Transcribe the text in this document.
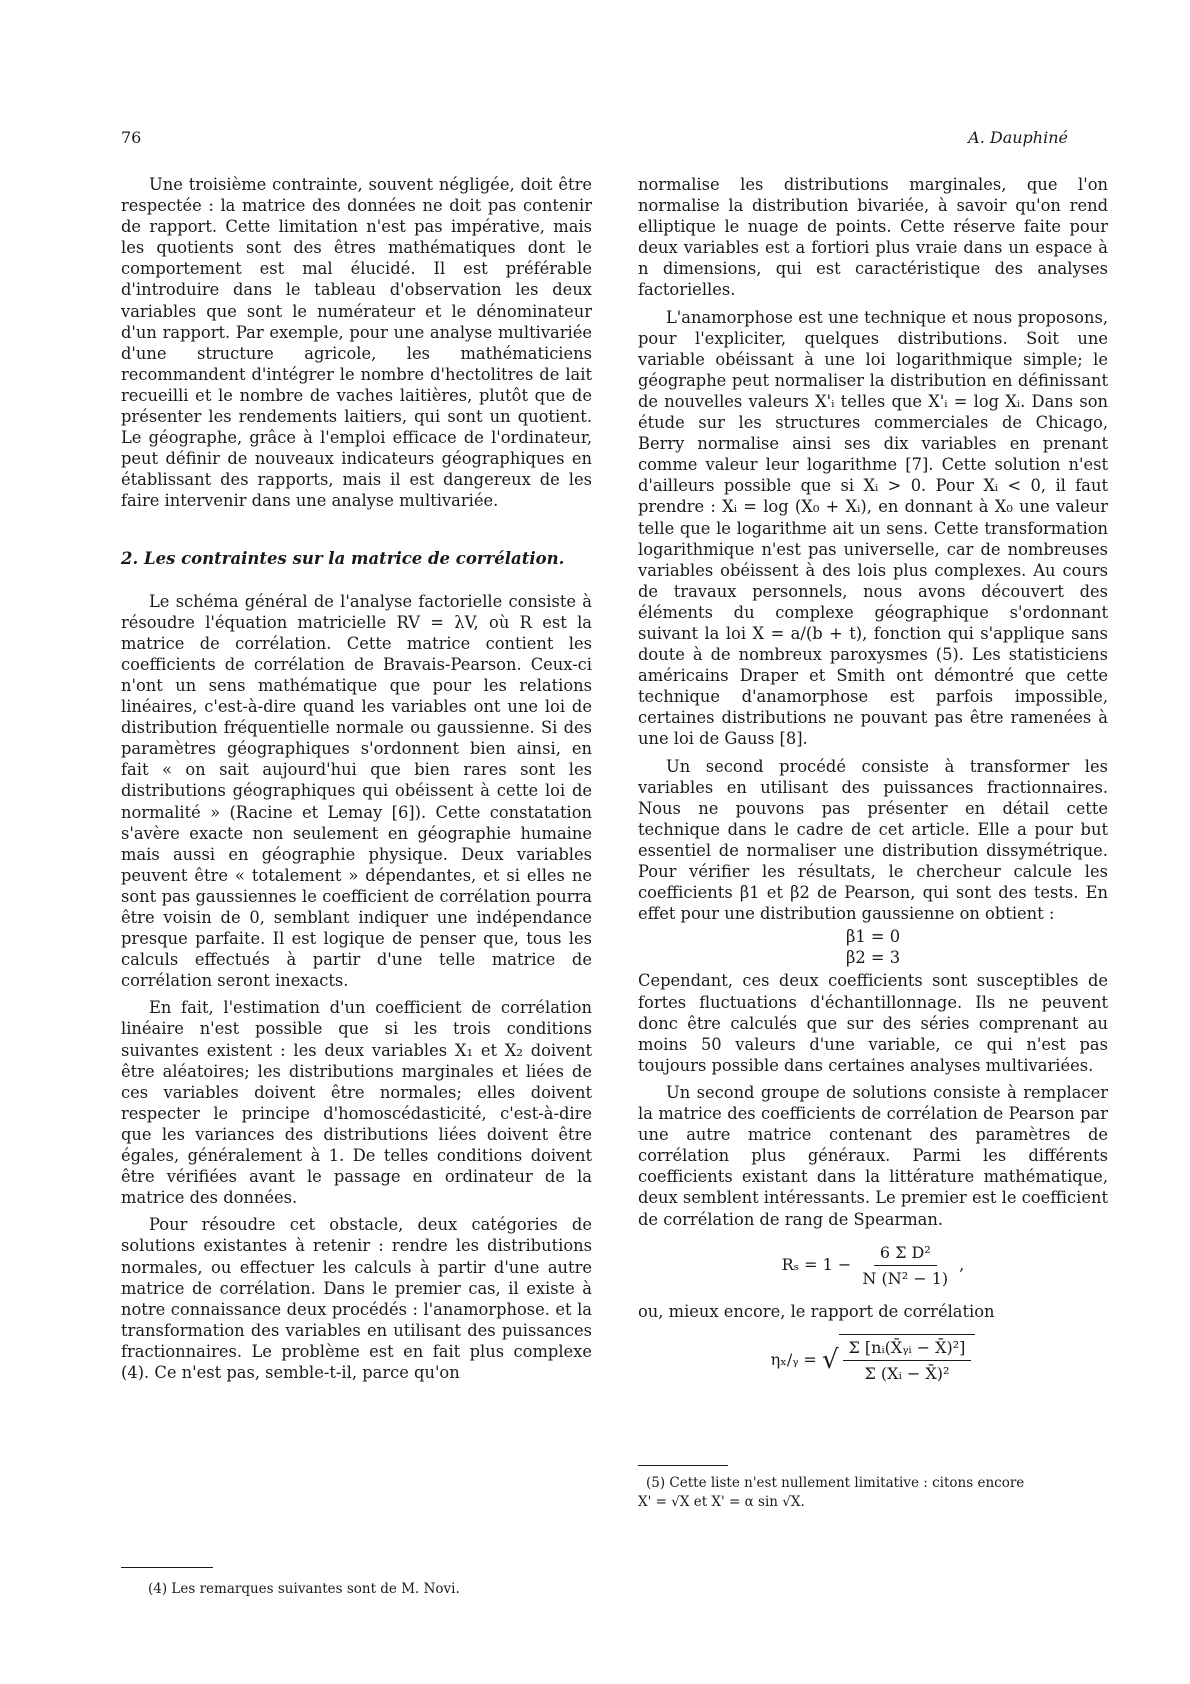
76	A. Dauphiné

Une troisième contrainte, souvent négligée, doit être respectée : la matrice des données ne doit pas contenir de rapport. Cette limitation n'est pas impérative, mais les quotients sont des êtres mathématiques dont le comportement est mal élucidé. Il est préférable d'introduire dans le tableau d'observation les deux variables que sont le numérateur et le dénominateur d'un rapport. Par exemple, pour une analyse multivariée d'une structure agricole, les mathématiciens recommandent d'intégrer le nombre d'hectolitres de lait recueilli et le nombre de vaches laitières, plutôt que de présenter les rendements laitiers, qui sont un quotient. Le géographe, grâce à l'emploi efficace de l'ordinateur, peut définir de nouveaux indicateurs géographiques en établissant des rapports, mais il est dangereux de les faire intervenir dans une analyse multivariée.

2. Les contraintes sur la matrice de corrélation.

Le schéma général de l'analyse factorielle consiste à résoudre l'équation matricielle RV = λV, où R est la matrice de corrélation. Cette matrice contient les coefficients de corrélation de Bravais-Pearson. Ceux-ci n'ont un sens mathématique que pour les relations linéaires, c'est-à-dire quand les variables ont une loi de distribution fréquentielle normale ou gaussienne. Si des paramètres géographiques s'ordonnent bien ainsi, en fait « on sait aujourd'hui que bien rares sont les distributions géographiques qui obéissent à cette loi de normalité » (Racine et Lemay [6]). Cette constatation s'avère exacte non seulement en géographie humaine mais aussi en géographie physique. Deux variables peuvent être « totalement » dépendantes, et si elles ne sont pas gaussiennes le coefficient de corrélation pourra être voisin de 0, semblant indiquer une indépendance presque parfaite. Il est logique de penser que, tous les calculs effectués à partir d'une telle matrice de corrélation seront inexacts.

En fait, l'estimation d'un coefficient de corrélation linéaire n'est possible que si les trois conditions suivantes existent : les deux variables X₁ et X₂ doivent être aléatoires; les distributions marginales et liées de ces variables doivent être normales; elles doivent respecter le principe d'homoscédasticité, c'est-à-dire que les variances des distributions liées doivent être égales, généralement à 1. De telles conditions doivent être vérifiées avant le passage en ordinateur de la matrice des données.

Pour résoudre cet obstacle, deux catégories de solutions existantes à retenir : rendre les distributions normales, ou effectuer les calculs à partir d'une autre matrice de corrélation. Dans le premier cas, il existe à notre connaissance deux procédés : l'anamorphose. et la transformation des variables en utilisant des puissances fractionnaires. Le problème est en fait plus complexe (4). Ce n'est pas, semble-t-il, parce qu'on

(4) Les remarques suivantes sont de M. Novi.

normalise les distributions marginales, que l'on normalise la distribution bivariée, à savoir qu'on rend elliptique le nuage de points. Cette réserve faite pour deux variables est a fortiori plus vraie dans un espace à n dimensions, qui est caractéristique des analyses factorielles.

L'anamorphose est une technique et nous proposons, pour l'expliciter, quelques distributions. Soit une variable obéissant à une loi logarithmique simple; le géographe peut normaliser la distribution en définissant de nouvelles valeurs X'ᵢ telles que X'ᵢ = log Xᵢ. Dans son étude sur les structures commerciales de Chicago, Berry normalise ainsi ses dix variables en prenant comme valeur leur logarithme [7]. Cette solution n'est d'ailleurs possible que si Xᵢ > 0. Pour Xᵢ < 0, il faut prendre : Xᵢ = log (X₀ + Xᵢ), en donnant à X₀ une valeur telle que le logarithme ait un sens. Cette transformation logarithmique n'est pas universelle, car de nombreuses variables obéissent à des lois plus complexes. Au cours de travaux personnels, nous avons découvert des éléments du complexe géographique s'ordonnant suivant la loi X = a/(b + t), fonction qui s'applique sans doute à de nombreux paroxysmes (5). Les statisticiens américains Draper et Smith ont démontré que cette technique d'anamorphose est parfois impossible, certaines distributions ne pouvant pas être ramenées à une loi de Gauss [8].

Un second procédé consiste à transformer les variables en utilisant des puissances fractionnaires. Nous ne pouvons pas présenter en détail cette technique dans le cadre de cet article. Elle a pour but essentiel de normaliser une distribution dissymétrique. Pour vérifier les résultats, le chercheur calcule les coefficients β1 et β2 de Pearson, qui sont des tests. En effet pour une distribution gaussienne on obtient :

β1 = 0
β2 = 3

Cependant, ces deux coefficients sont susceptibles de fortes fluctuations d'échantillonnage. Ils ne peuvent donc être calculés que sur des séries comprenant au moins 50 valeurs d'une variable, ce qui n'est pas toujours possible dans certaines analyses multivariées.

Un second groupe de solutions consiste à remplacer la matrice des coefficients de corrélation de Pearson par une autre matrice contenant des paramètres de corrélation plus généraux. Parmi les différents coefficients existant dans la littérature mathématique, deux semblent intéressants. Le premier est le coefficient de corrélation de rang de Spearman.

$R_s = 1 - \frac{\text{6 Σ D²}}{\text{N (N² − 1)}}$ ,

ou, mieux encore, le rapport de corrélation

ηₓ/ᵧ = √ $\frac{\text{Σ [nᵢ(X̄ᵧᵢ − X̄)²]}}{\text{Σ (Xᵢ − X̄)²}}$
(5) Cette liste n'est nullement limitative : citons encore
X' = √X et X' = α sin √X.
